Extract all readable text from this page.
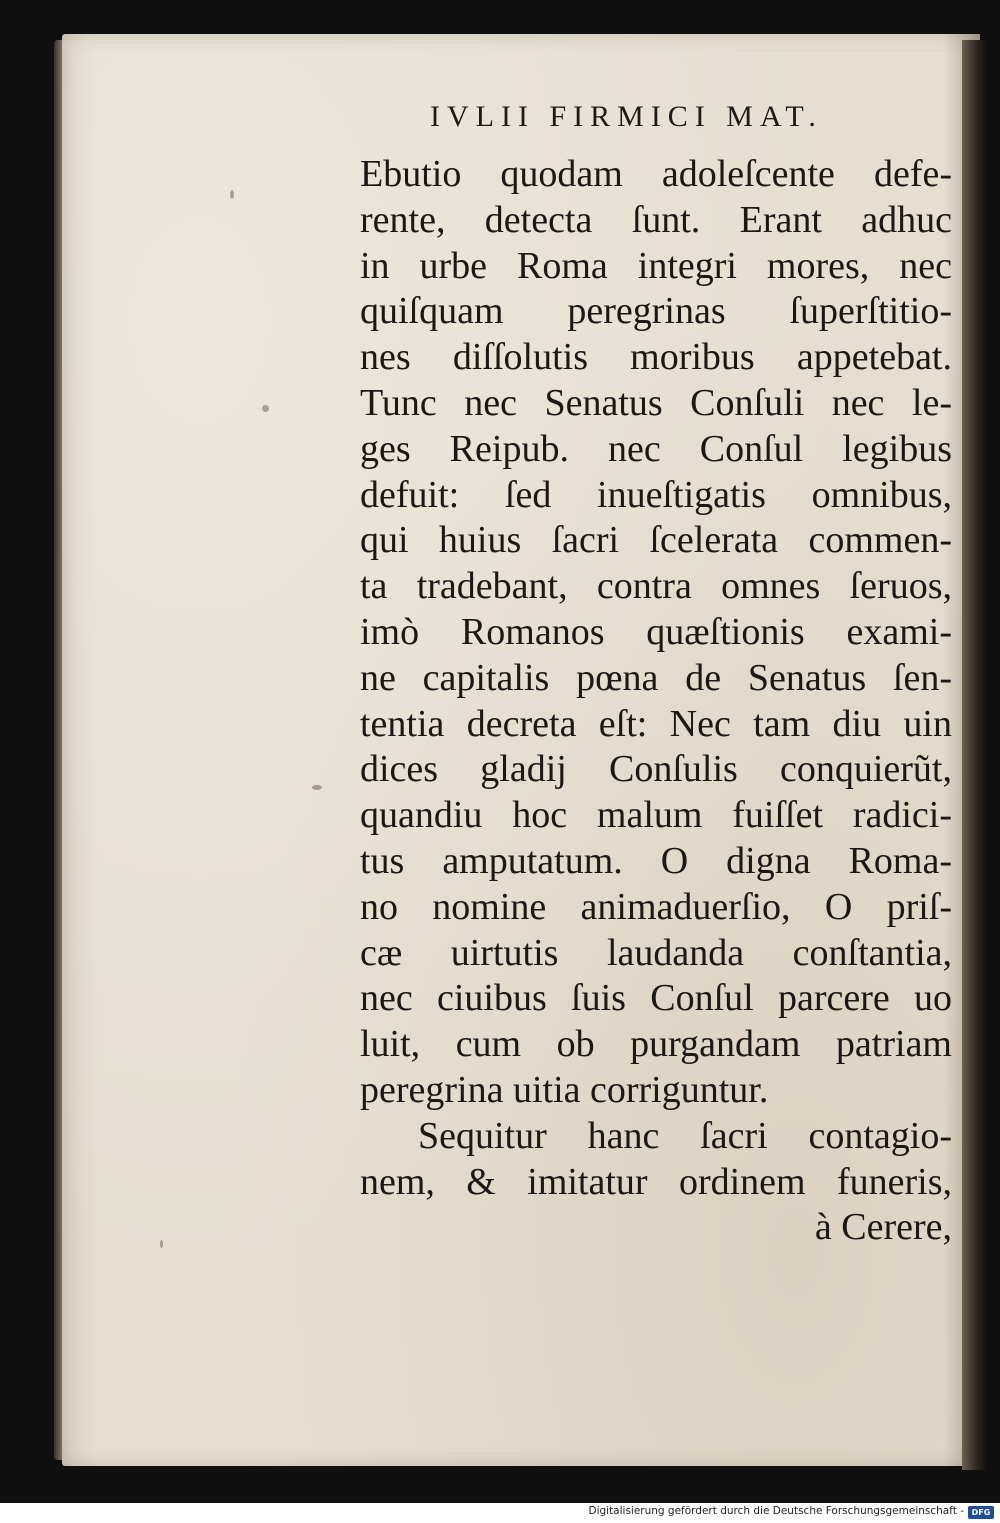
IVLII FIRMICI MAT.
Ebutio quodam adoleſcente defe-
rente, detecta ſunt. Erant adhuc
in urbe Roma integri mores, nec
quiſquam peregrinas ſuperſtitio-
nes diſſolutis moribus appetebat.
Tunc nec Senatus Conſuli nec le-
ges Reipub. nec Conſul legibus
defuit: ſed inueſtigatis omnibus,
qui huius ſacri ſcelerata commen-
ta tradebant, contra omnes ſeruos,
imò Romanos quæſtionis exami-
ne capitalis pœna de Senatus ſen-
tentia decreta eſt: Nec tam diu uin
dices gladij Conſulis conquierũt,
quandiu hoc malum fuiſſet radici-
tus amputatum. O digna Roma-
no nomine animaduerſio, O priſ-
cæ uirtutis laudanda conſtantia,
nec ciuibus ſuis Conſul parcere uo
luit, cum ob purgandam patriam
peregrina uitia corriguntur.
Sequitur hanc ſacri contagio-
nem, & imitatur ordinem funeris,
à Cerere,
Digitalisierung gefördert durch die Deutsche Forschungsgemeinschaft - DFG
